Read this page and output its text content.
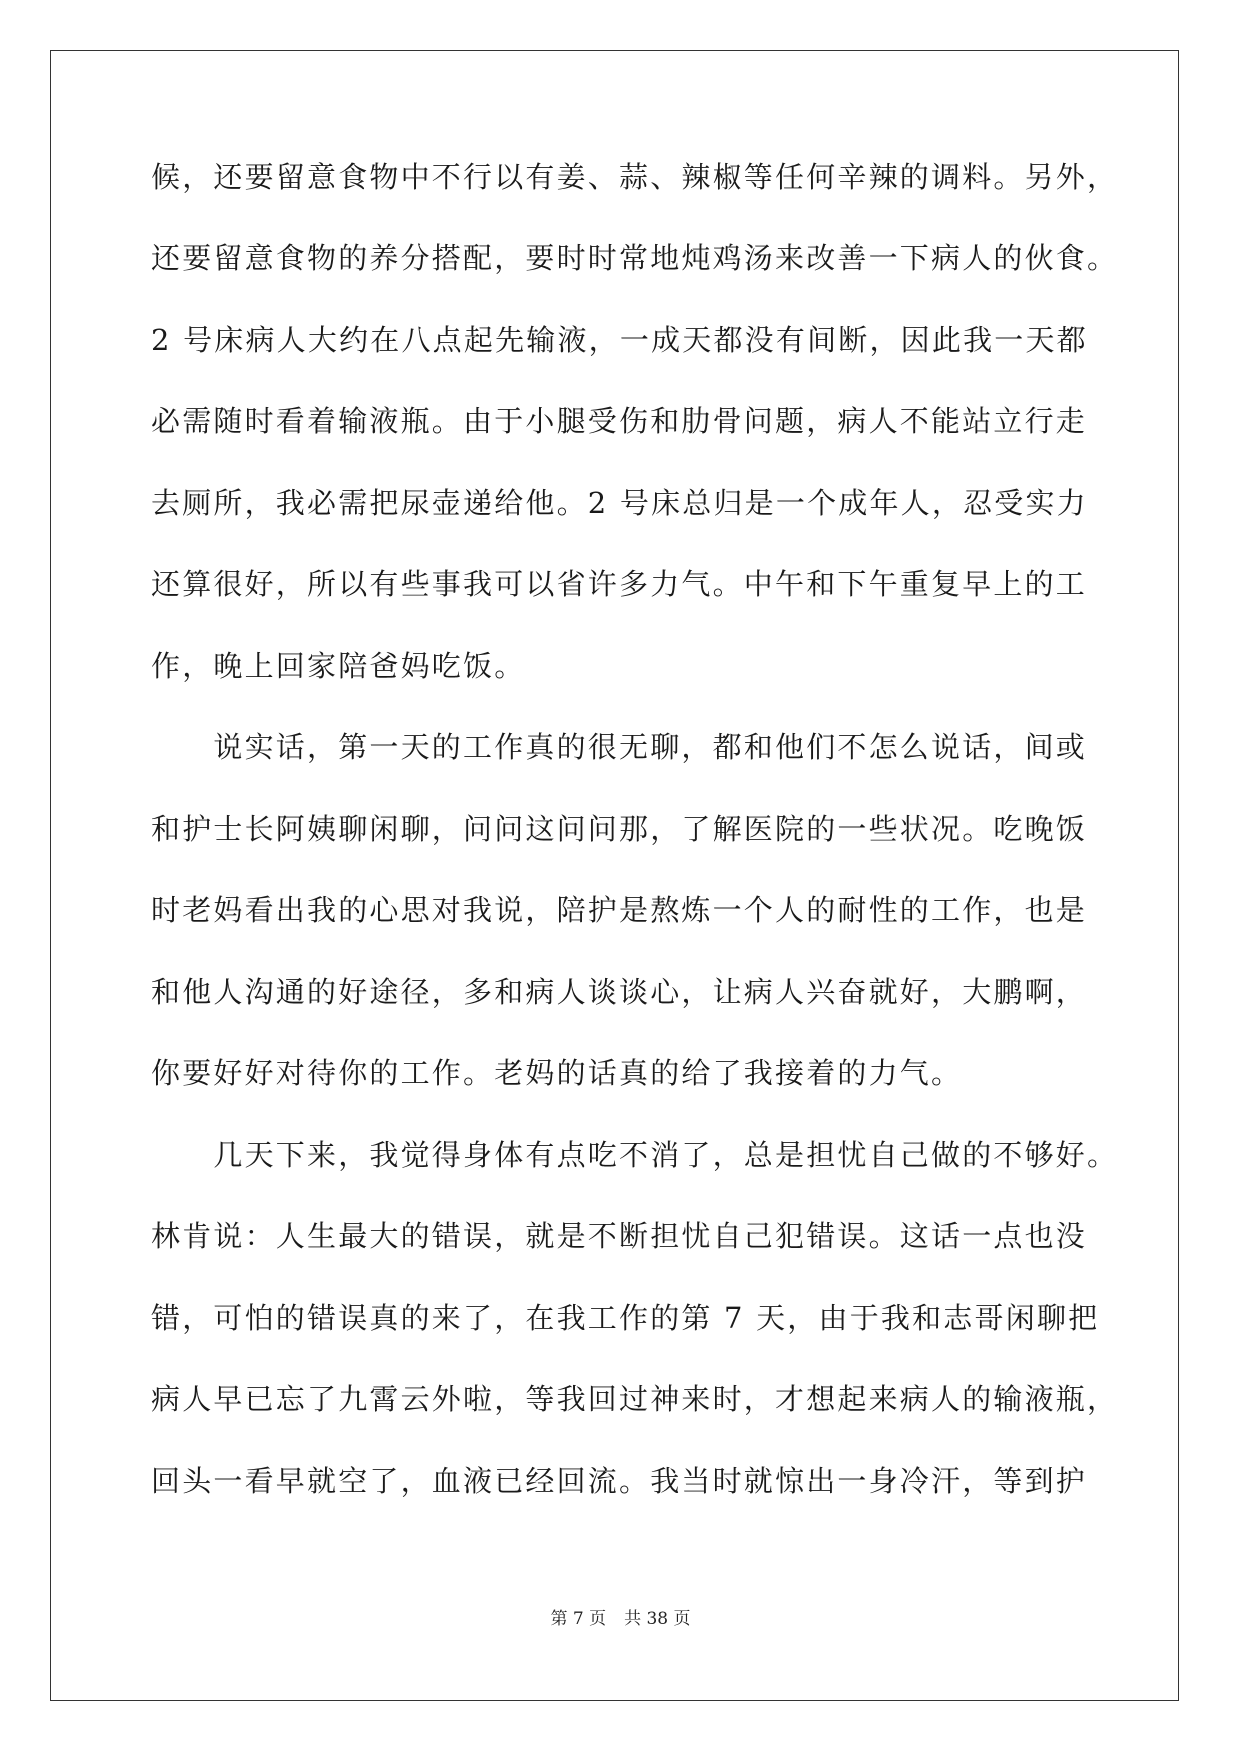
候，还要留意食物中不行以有姜、蒜、辣椒等任何辛辣的调料。另外，
还要留意食物的养分搭配，要时时常地炖鸡汤来改善一下病人的伙食。
2 号床病人大约在八点起先输液，一成天都没有间断，因此我一天都
必需随时看着输液瓶。由于小腿受伤和肋骨问题，病人不能站立行走
去厕所，我必需把尿壶递给他。2 号床总归是一个成年人，忍受实力
还算很好，所以有些事我可以省许多力气。中午和下午重复早上的工
作，晚上回家陪爸妈吃饭。
　　说实话，第一天的工作真的很无聊，都和他们不怎么说话，间或
和护士长阿姨聊闲聊，问问这问问那，了解医院的一些状况。吃晚饭
时老妈看出我的心思对我说，陪护是熬炼一个人的耐性的工作，也是
和他人沟通的好途径，多和病人谈谈心，让病人兴奋就好，大鹏啊，
你要好好对待你的工作。老妈的话真的给了我接着的力气。
　　几天下来，我觉得身体有点吃不消了，总是担忧自己做的不够好。
林肯说：人生最大的错误，就是不断担忧自己犯错误。这话一点也没
错，可怕的错误真的来了，在我工作的第 7 天，由于我和志哥闲聊把
病人早已忘了九霄云外啦，等我回过神来时，才想起来病人的输液瓶，
回头一看早就空了，血液已经回流。我当时就惊出一身冷汗，等到护
第 7 页 共 38 页
